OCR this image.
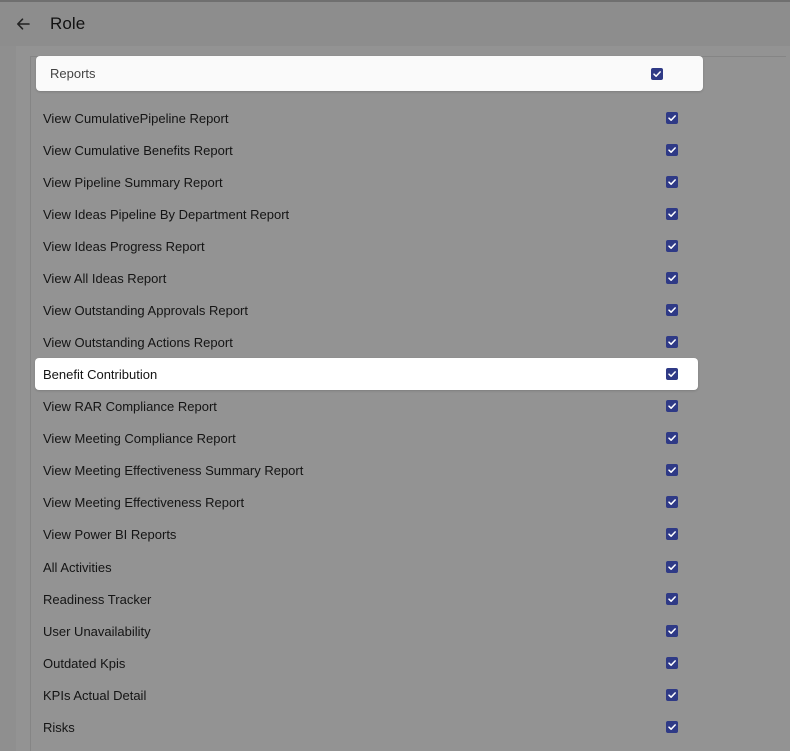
Role
Reports
View CumulativePipeline Report
View Cumulative Benefits Report
View Pipeline Summary Report
View Ideas Pipeline By Department Report
View Ideas Progress Report
View All Ideas Report
View Outstanding Approvals Report
View Outstanding Actions Report
Benefit Contribution
View RAR Compliance Report
View Meeting Compliance Report
View Meeting Effectiveness Summary Report
View Meeting Effectiveness Report
View Power BI Reports
All Activities
Readiness Tracker
User Unavailability
Outdated Kpis
KPIs Actual Detail
Risks
